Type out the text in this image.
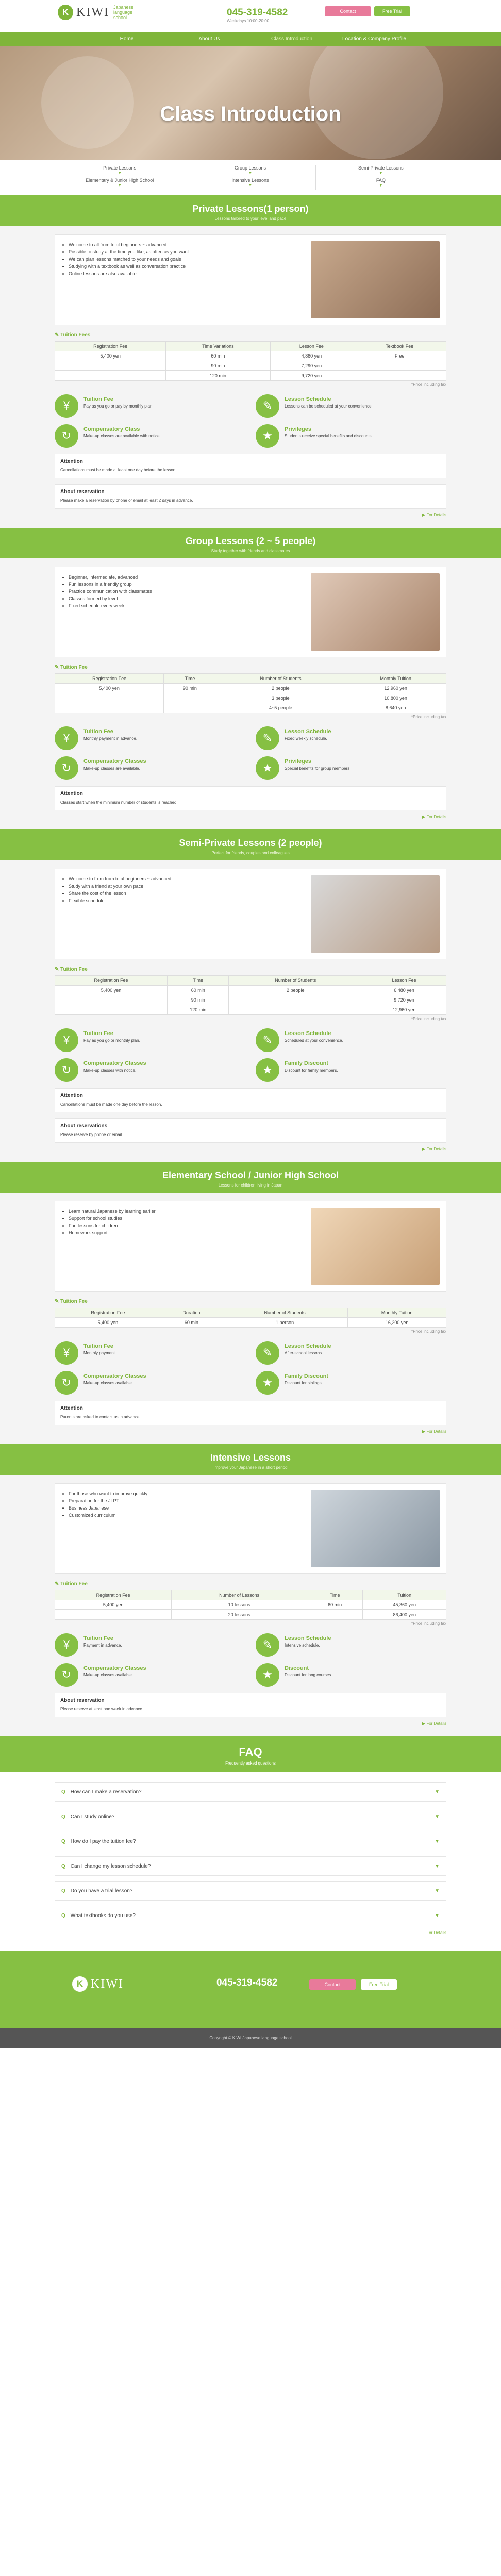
K KIWI Japanese language school	045-319-4582
Weekdays 10:00-20:00
Contact	Free Trial
Home	About Us	Class Introduction	Location & Company Profile
Class Introduction
Private Lessons
▼
Group Lessons
▼
Semi-Private Lessons
▼
Elementary & Junior High School
▼
Intensive Lessons
▼
FAQ
▼
Private Lessons(1 person)

Lessons tailored to your level and pace

• Welcome to all from total beginners ~ advanced
• Possible to study at the time you like, as often as you want
• We can plan lessons matched to your needs and goals
• Studying with a textbook as well as conversation practice
• Online lessons are also available
✎ Tuition Fees
Registration Fee	Time Variations	Lesson Fee	Textbook Fee
5,400 yen	60 min	4,860 yen	Free
	90 min	7,290 yen	
	120 min	9,720 yen	
*Price including tax
¥	Tuition Fee

Pay as you go or pay by monthly plan.	✎	Lesson Schedule

Lessons can be scheduled at your convenience.

↻	Compensatory Class

Make-up classes are available with notice.	★	Privileges

Students receive special benefits and discounts.

Attention

Cancellations must be made at least one day before the lesson.

About reservation

Please make a reservation by phone or email at least 2 days in advance.

▶ For Details
Group Lessons (2 ~ 5 people)

Study together with friends and classmates

• Beginner, intermediate, advanced
• Fun lessons in a friendly group
• Practice communication with classmates
• Classes formed by level
• Fixed schedule every week
✎ Tuition Fee
Registration Fee	Time	Number of Students	Monthly Tuition
5,400 yen	90 min	2 people	12,960 yen
		3 people	10,800 yen
		4~5 people	8,640 yen
*Price including tax
¥	Tuition Fee

Monthly payment in advance.	✎	Lesson Schedule

Fixed weekly schedule.

↻	Compensatory Classes

Make-up classes are available.	★	Privileges

Special benefits for group members.

Attention

Classes start when the minimum number of students is reached.

▶ For Details
Semi-Private Lessons (2 people)

Perfect for friends, couples and colleagues

• Welcome to from from total beginners ~ advanced
• Study with a friend at your own pace
• Share the cost of the lesson
• Flexible schedule
✎ Tuition Fee
Registration Fee	Time	Number of Students	Lesson Fee
5,400 yen	60 min	2 people	6,480 yen
	90 min		9,720 yen
	120 min		12,960 yen
*Price including tax
¥	Tuition Fee

Pay as you go or monthly plan.	✎	Lesson Schedule

Scheduled at your convenience.

↻	Compensatory Classes

Make-up classes with notice.	★	Family Discount

Discount for family members.

Attention

Cancellations must be made one day before the lesson.

About reservations

Please reserve by phone or email.

▶ For Details
Elementary School / Junior High School

Lessons for children living in Japan

• Learn natural Japanese by learning earlier
• Support for school studies
• Fun lessons for children
• Homework support
✎ Tuition Fee
Registration Fee	Duration	Number of Students	Monthly Tuition
5,400 yen	60 min	1 person	16,200 yen
*Price including tax
¥	Tuition Fee

Monthly payment.	✎	Lesson Schedule

After-school lessons.

↻	Compensatory Classes

Make-up classes available.	★	Family Discount

Discount for siblings.

Attention

Parents are asked to contact us in advance.

▶ For Details
Intensive Lessons

Improve your Japanese in a short period

• For those who want to improve quickly
• Preparation for the JLPT
• Business Japanese
• Customized curriculum
✎ Tuition Fee
Registration Fee	Number of Lessons	Time	Tuition
5,400 yen	10 lessons	60 min	45,360 yen
	20 lessons		86,400 yen
*Price including tax
¥	Tuition Fee

Payment in advance.	✎	Lesson Schedule

Intensive schedule.

↻	Compensatory Classes

Make-up classes available.	★	Discount

Discount for long courses.

About reservation

Please reserve at least one week in advance.

▶ For Details
FAQ

Frequently asked questions

Q How can I make a reservation?	▼
Q Can I study online?	▼
Q How do I pay the tuition fee?	▼
Q Can I change my lesson schedule?	▼
Q Do you have a trial lesson?	▼
Q What textbooks do you use?	▼
For Details
K KIWI	045-319-4582	Contact	Free Trial
Copyright © KIWI Japanese language school
